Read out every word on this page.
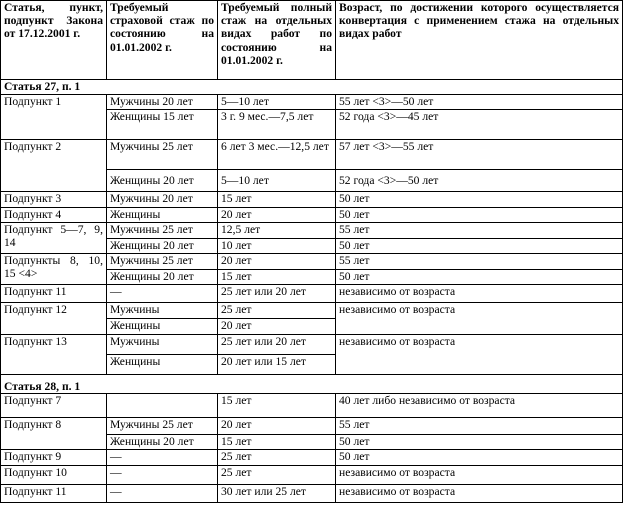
Статья, пункт, подпункт Закона от 17.12.2001 г.	Требуемый страховой стаж по состоянию на 01.01.2002 г.	Требуемый полный стаж на отдельных видах работ по состоянию на 01.01.2002 г.	Возраст, по достижении которого осуществляется конвертация с применением стажа на отдельных видах работ
Статья 27, п. 1			
Подпункт 1	Мужчины 20 лет	5—10 лет	55 лет <3>—50 лет
	Женщины 15 лет	3 г. 9 мес.—7,5 лет	52 года <3>—45 лет
Подпункт 2	Мужчины 25 лет	6 лет 3 мес.—12,5 лет	57 лет <3>—55 лет
	Женщины 20 лет	5—10 лет	52 года <3>—50 лет
Подпункт 3	Мужчины 20 лет	15 лет	50 лет
Подпункт 4	Женщины	20 лет	50 лет
Подпункт 5—7, 9, 14	Мужчины 25 лет	12,5 лет	55 лет
	Женщины 20 лет	10 лет	50 лет
Подпункты 8, 10, 15 <4>	Мужчины 25 лет	20 лет	55 лет
	Женщины 20 лет	15 лет	50 лет
Подпункт 11	—	25 лет или 20 лет	независимо от возраста
Подпункт 12	Мужчины	25 лет	независимо от возраста
	Женщины	20 лет	
Подпункт 13	Мужчины	25 лет или 20 лет	независимо от возраста
	Женщины	20 лет или 15 лет	
Статья 28, п. 1			
Подпункт 7		15 лет	40 лет либо независимо от возраста
Подпункт 8	Мужчины 25 лет	20 лет	55 лет
	Женщины 20 лет	15 лет	50 лет
Подпункт 9	—	25 лет	50 лет
Подпункт 10	—	25 лет	независимо от возраста
Подпункт 11	—	30 лет или 25 лет	независимо от возраста
